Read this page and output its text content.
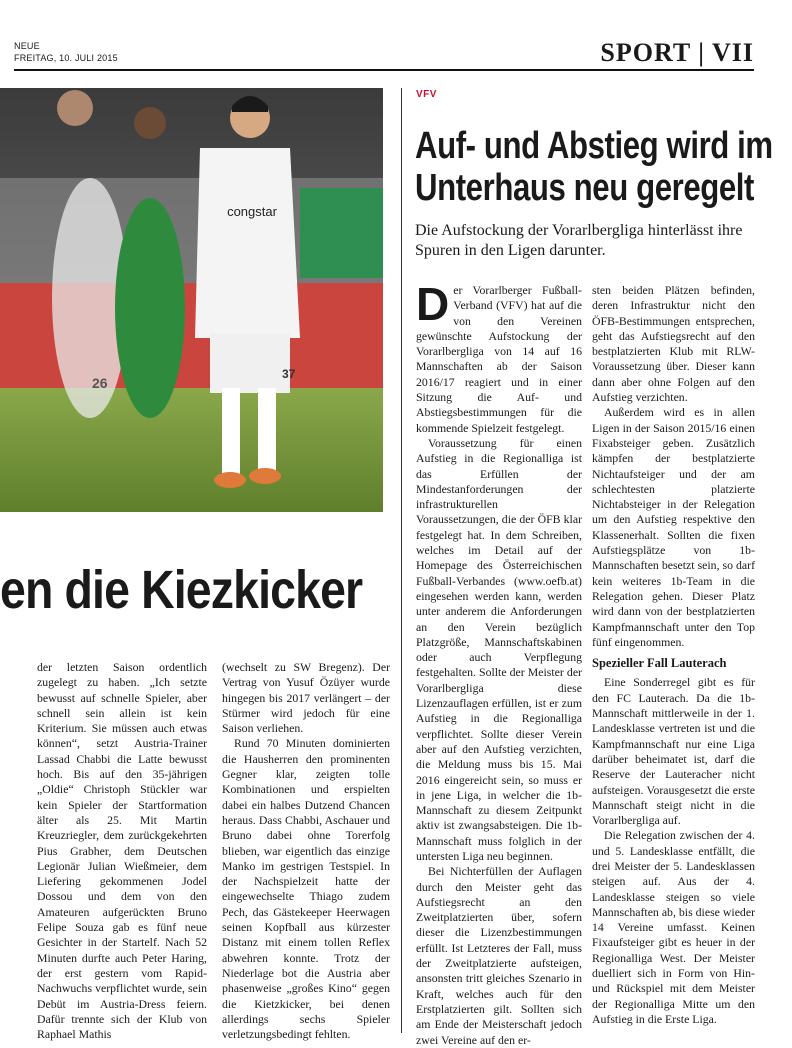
NEUE
FREITAG, 10. JULI 2015	SPORT | VII
congstar
37
26
en die Kiezkicker

der letzten Saison ordentlich zugelegt zu haben. „Ich setzte bewusst auf schnelle Spieler, aber schnell sein allein ist kein Kriterium. Sie müssen auch etwas können“, setzt Austria-Trainer Lassad Chabbi die Latte bewusst hoch. Bis auf den 35-jährigen „Oldie“ Christoph Stückler war kein Spieler der Startformation älter als 25. Mit Martin Kreuzriegler, dem zurückgekehrten Pius Grabher, dem Deutschen Legionär Julian Wießmeier, dem Liefering gekommenen Jodel Dossou und dem von den Amateuren aufgerückten Bruno Felipe Souza gab es fünf neue Gesichter in der Startelf. Nach 52 Minuten durfte auch Peter Haring, der erst gestern vom Rapid-Nachwuchs verpflichtet wurde, sein Debüt im Austria-Dress feiern. Dafür trennte sich der Klub von Raphael Mathis

(wechselt zu SW Bregenz). Der Vertrag von Yusuf Özüyer wurde hingegen bis 2017 verlängert – der Stürmer wird jedoch für eine Saison verliehen.

Rund 70 Minuten dominierten die Hausherren den prominenten Gegner klar, zeigten tolle Kombinationen und erspielten dabei ein halbes Dutzend Chancen heraus. Dass Chabbi, Aschauer und Bruno dabei ohne Torerfolg blieben, war eigentlich das einzige Manko im gestrigen Testspiel. In der Nachspielzeit hatte der eingewechselte Thiago zudem Pech, das Gästekeeper Heerwagen seinen Kopfball aus kürzester Distanz mit einem tollen Reflex abwehren konnte. Trotz der Niederlage bot die Austria aber phasenweise „großes Kino“ gegen die Kietzkicker, bei denen allerdings sechs Spieler verletzungsbedingt fehlten.

VFV
Auf- und Abstieg wird im
Unterhaus neu geregelt
Die Aufstockung der Vorarlbergliga hinterlässt ihre Spuren in den Ligen darunter.

Der Vorarlberger Fußball-Verband (VFV) hat auf die von den Vereinen gewünschte Aufstockung der Vorarlbergliga von 14 auf 16 Mannschaften ab der Saison 2016/17 reagiert und in einer Sitzung die Auf- und Abstiegsbestimmungen für die kommende Spielzeit festgelegt.

Voraussetzung für einen Aufstieg in die Regionalliga ist das Erfüllen der Mindestanforderungen der infrastrukturellen Voraussetzungen, die der ÖFB klar festgelegt hat. In dem Schreiben, welches im Detail auf der Homepage des Österreichischen Fußball-Verbandes (www.oefb.at) eingesehen werden kann, werden unter anderem die Anforderungen an den Verein bezüglich Platzgröße, Mannschaftskabinen oder auch Verpflegung festgehalten. Sollte der Meister der Vorarlbergliga diese Lizenzauflagen erfüllen, ist er zum Aufstieg in die Regionalliga verpflichtet. Sollte dieser Verein aber auf den Aufstieg verzichten, die Meldung muss bis 15. Mai 2016 eingereicht sein, so muss er in jene Liga, in welcher die 1b-Mannschaft zu diesem Zeitpunkt aktiv ist zwangsabsteigen. Die 1b-Mannschaft muss folglich in der untersten Liga neu beginnen.

Bei Nichterfüllen der Auflagen durch den Meister geht das Aufstiegsrecht an den Zweitplatzierten über, sofern dieser die Lizenzbestimmungen erfüllt. Ist Letzteres der Fall, muss der Zweitplatzierte aufsteigen, ansonsten tritt gleiches Szenario in Kraft, welches auch für den Erstplatzierten gilt. Sollten sich am Ende der Meisterschaft jedoch zwei Vereine auf den er-

sten beiden Plätzen befinden, deren Infrastruktur nicht den ÖFB-Bestimmungen entsprechen, geht das Aufstiegsrecht auf den bestplatzierten Klub mit RLW-Voraussetzung über. Dieser kann dann aber ohne Folgen auf den Aufstieg verzichten.

Außerdem wird es in allen Ligen in der Saison 2015/16 einen Fixabsteiger geben. Zusätzlich kämpfen der bestplatzierte Nichtaufsteiger und der am schlechtesten platzierte Nichtabsteiger in der Relegation um den Aufstieg respektive den Klassenerhalt. Sollten die fixen Aufstiegsplätze von 1b-Mannschaften besetzt sein, so darf kein weiteres 1b-Team in die Relegation gehen. Dieser Platz wird dann von der bestplatzierten Kampfmannschaft unter den Top fünf eingenommen.

Spezieller Fall Lauterach

Eine Sonderregel gibt es für den FC Lauterach. Da die 1b-Mannschaft mittlerweile in der 1. Landesklasse vertreten ist und die Kampfmannschaft nur eine Liga darüber beheimatet ist, darf die Reserve der Lauteracher nicht aufsteigen. Vorausgesetzt die erste Mannschaft steigt nicht in die Vorarlbergliga auf.

Die Relegation zwischen der 4. und 5. Landesklasse entfällt, die drei Meister der 5. Landesklassen steigen auf. Aus der 4. Landesklasse steigen so viele Mannschaften ab, bis diese wieder 14 Vereine umfasst. Keinen Fixaufsteiger gibt es heuer in der Regionalliga West. Der Meister duelliert sich in Form von Hin- und Rückspiel mit dem Meister der Regionalliga Mitte um den Aufstieg in die Erste Liga.
